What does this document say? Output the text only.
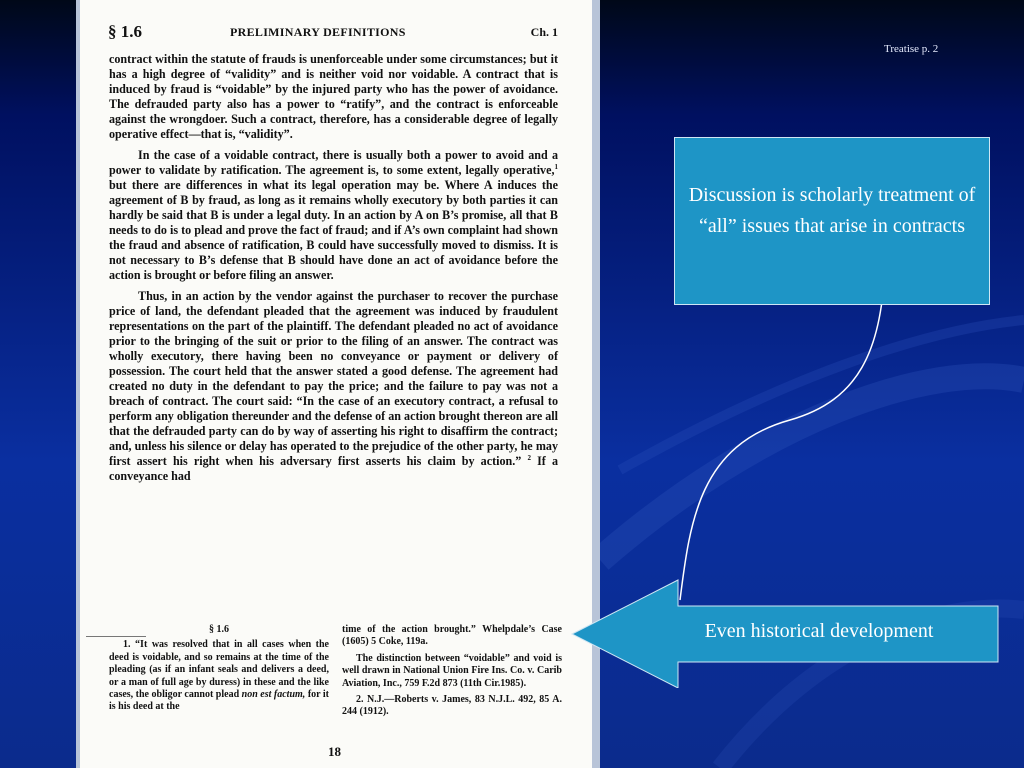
§ 1.6	PRELIMINARY DEFINITIONS	Ch. 1

contract within the statute of frauds is unenforceable under some circumstances; but it has a high degree of “validity” and is neither void nor voidable. A contract that is induced by fraud is “voidable” by the injured party who has the power of avoidance. The defrauded party also has a power to “ratify”, and the contract is enforceable against the wrongdoer. Such a contract, therefore, has a considerable degree of legally operative effect—that is, “validity”.

In the case of a voidable contract, there is usually both a power to avoid and a power to validate by ratification. The agreement is, to some extent, legally operative,$^1$ but there are differences in what its legal operation may be. Where A induces the agreement of B by fraud, as long as it remains wholly executory by both parties it can hardly be said that B is under a legal duty. In an action by A on B’s promise, all that B needs to do is to plead and prove the fact of fraud; and if A’s own complaint had shown the fraud and absence of ratification, B could have successfully moved to dismiss. It is not necessary to B’s defense that B should have done an act of avoidance before the action is brought or before filing an answer.

Thus, in an action by the vendor against the purchaser to recover the purchase price of land, the defendant pleaded that the agreement was induced by fraudulent representations on the part of the plaintiff. The defendant pleaded no act of avoidance prior to the bringing of the suit or prior to the filing of an answer. The contract was wholly executory, there having been no conveyance or payment or delivery of possession. The court held that the answer stated a good defense. The agreement had created no duty in the defendant to pay the price; and the failure to pay was not a breach of contract. The court said: “In the case of an executory contract, a refusal to perform any obligation thereunder and the defense of an action brought thereon are all that the defrauded party can do by way of asserting his right to disaffirm the contract; and, unless his silence or delay has operated to the prejudice of the other party, he may first assert his right when his adversary first asserts his claim by action.” $^2$ If a conveyance had

§ 1.6

1. “It was resolved that in all cases when the deed is voidable, and so remains at the time of the pleading (as if an infant seals and delivers a deed, or a man of full age by duress) in these and the like cases, the obligor cannot plead non est factum, for it is his deed at the

time of the action brought.” Whelpdale’s Case (1605) 5 Coke, 119a.

The distinction between “voidable” and void is well drawn in National Union Fire Ins. Co. v. Carib Aviation, Inc., 759 F.2d 873 (11th Cir.1985).

2. N.J.—Roberts v. James, 83 N.J.L. 492, 85 A. 244 (1912).

18
Treatise p. 2
Discussion is scholarly treatment of “all” issues that arise in contracts
Even historical development
